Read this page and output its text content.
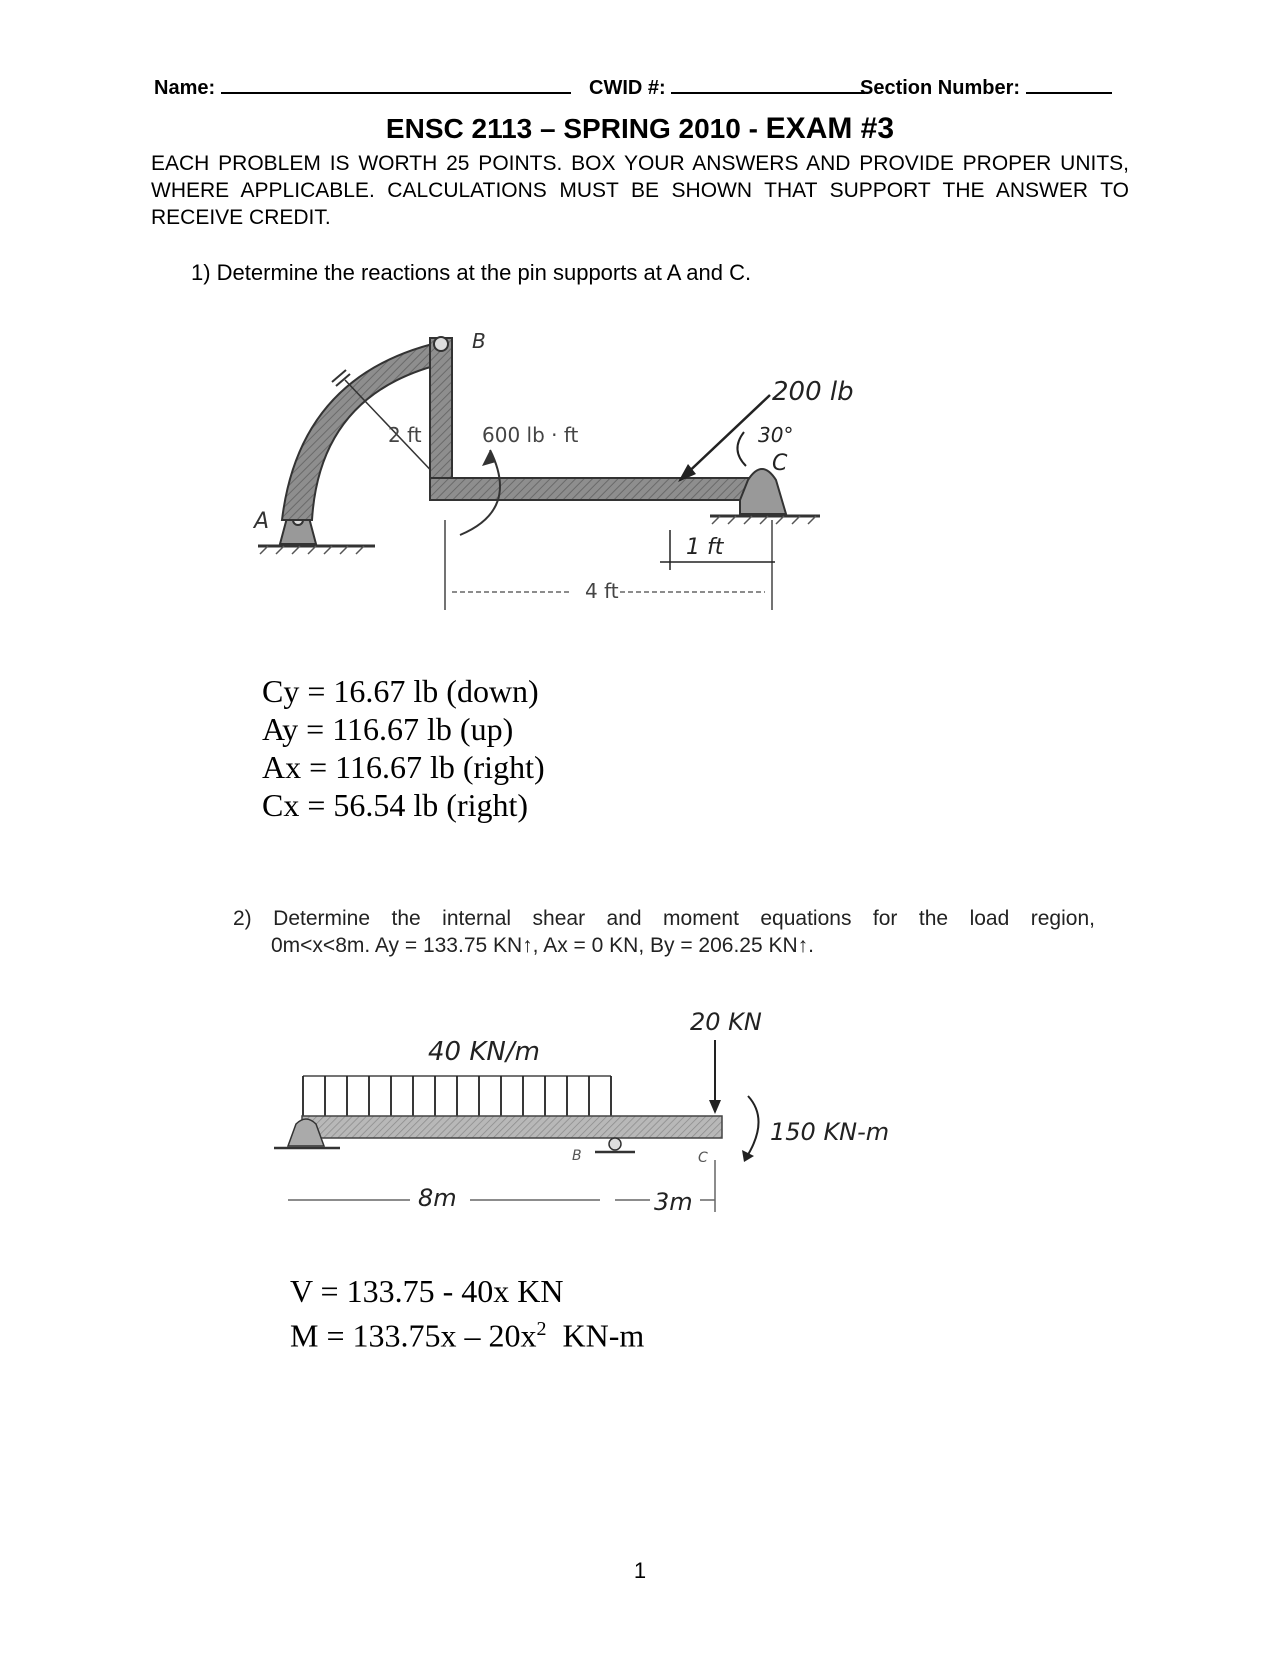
Name:	CWID #:	Section Number:
ENSC 2113 – SPRING 2010 - EXAM #3
EACH PROBLEM IS WORTH 25 POINTS. BOX YOUR ANSWERS AND PROVIDE PROPER UNITS, WHERE APPLICABLE. CALCULATIONS MUST BE SHOWN THAT SUPPORT THE ANSWER TO RECEIVE CREDIT.
1) Determine the reactions at the pin supports at A and C.
2 ft
B
A
600 lb · ft
C
200 lb
30°
4 ft
1 ft
Cy = 16.67 lb (down)
Ay = 116.67 lb (up)
Ax = 116.67 lb (right)
Cx = 56.54 lb (right)
2) Determine the internal shear and moment equations for the load region,
0m<x<8m. Ay = 133.75 KN↑, Ax = 0 KN, By = 206.25 KN↑.
40 KN/m
B
20 KN
C
150 KN-m
8m	3m
V = 133.75 - 40x KN
$M = 133.75x - 20x^2$  KN-m
1
